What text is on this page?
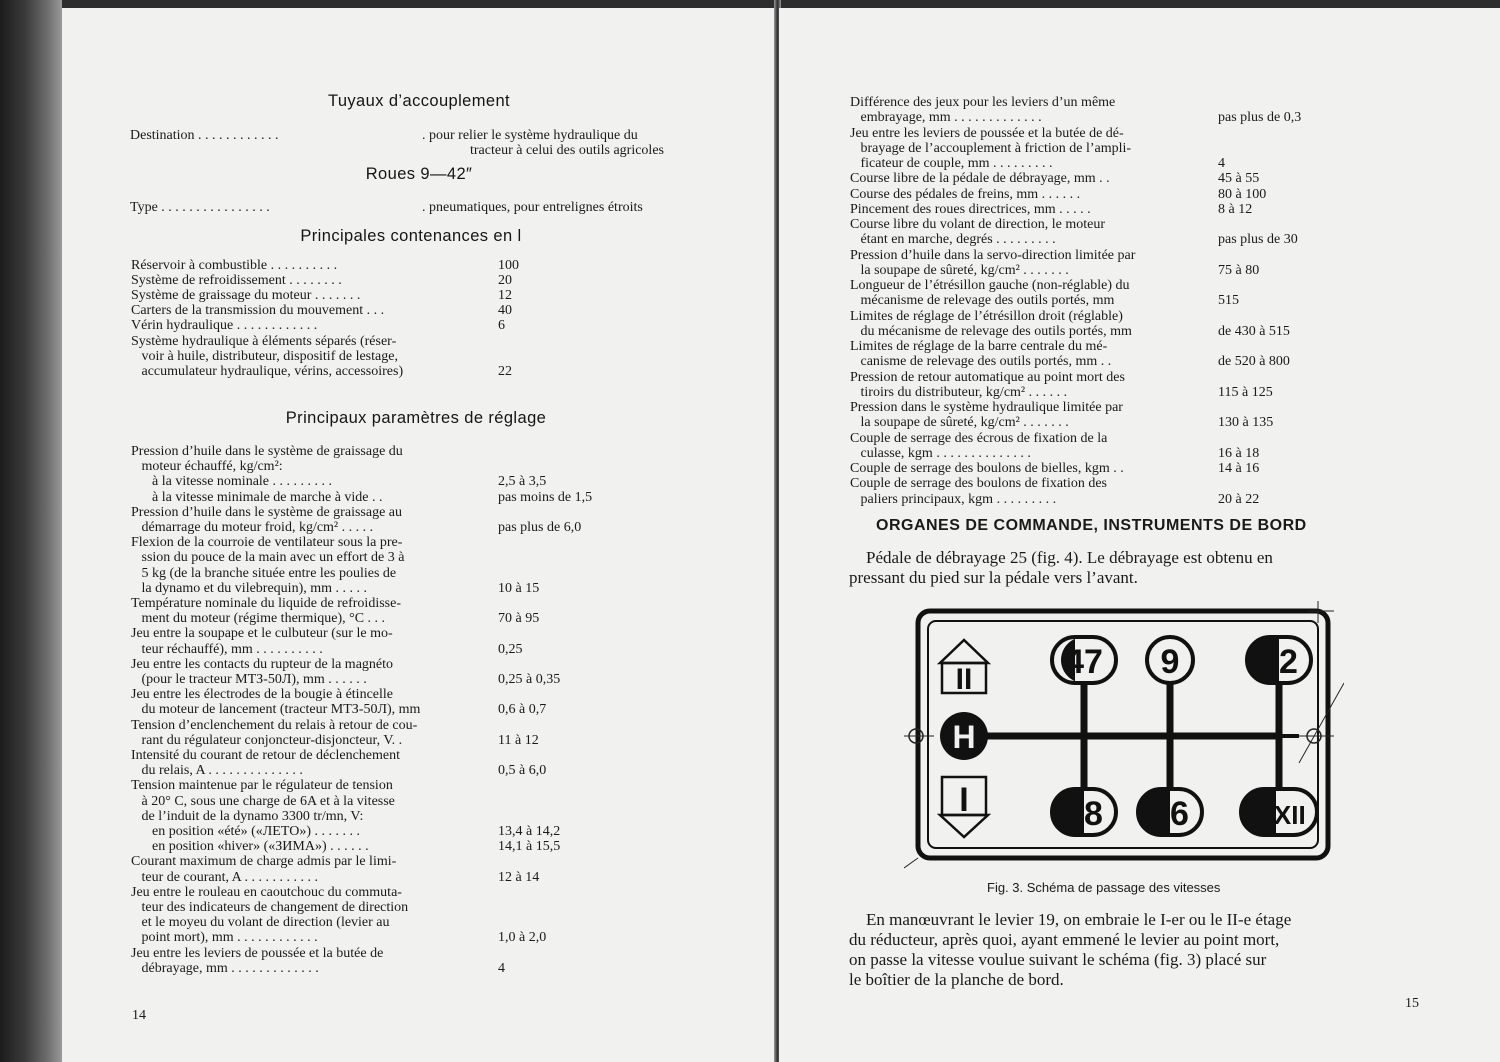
Tuyaux d’accouplement
Destination . . . . . . . . . . . .	. pour relier le système hydraulique du
tracteur à celui des outils agricoles
Roues 9—42″
Type . . . . . . . . . . . . . . . .	. pneumatiques, pour entrelignes étroits
Principales contenances en l
Réservoir à combustible . . . . . . . . . .	100
Système de refroidissement . . . . . . . .	20
Système de graissage du moteur . . . . . . .	12
Carters de la transmission du mouvement . . .	40
Vérin hydraulique . . . . . . . . . . . .	6
Système hydraulique à éléments séparés (réser-
voir à huile, distributeur, dispositif de lestage,
accumulateur hydraulique, vérins, accessoires)	22
Principaux paramètres de réglage
Pression d’huile dans le système de graissage du
moteur échauffé, kg/cm²:
à la vitesse nominale . . . . . . . . .	2,5 à 3,5
à la vitesse minimale de marche à vide . .	pas moins de 1,5
Pression d’huile dans le système de graissage au
démarrage du moteur froid, kg/cm² . . . . .	pas plus de 6,0
Flexion de la courroie de ventilateur sous la pre-
ssion du pouce de la main avec un effort de 3 à
5 kg (de la branche située entre les poulies de
la dynamo et du vilebrequin), mm . . . . .	10 à 15
Température nominale du liquide de refroidisse-
ment du moteur (régime thermique), °C . . .	70 à 95
Jeu entre la soupape et le culbuteur (sur le mo-
teur réchauffé), mm . . . . . . . . . .	0,25
Jeu entre les contacts du rupteur de la magnéto
(pour le tracteur МТЗ-50Л), mm . . . . . .	0,25 à 0,35
Jeu entre les électrodes de la bougie à étincelle
du moteur de lancement (tracteur МТЗ-50Л), mm	0,6 à 0,7
Tension d’enclenchement du relais à retour de cou-
rant du régulateur conjoncteur-disjoncteur, V. .	11 à 12
Intensité du courant de retour de déclenchement
du relais, A . . . . . . . . . . . . . .	0,5 à 6,0
Tension maintenue par le régulateur de tension
à 20° C, sous une charge de 6A et à la vitesse
de l’induit de la dynamo 3300 tr/mn, V:
en position «été» («ЛЕТО») . . . . . . .	13,4 à 14,2
en position «hiver» («ЗИМА») . . . . . .	14,1 à 15,5
Courant maximum de charge admis par le limi-
teur de courant, A . . . . . . . . . . .	12 à 14
Jeu entre le rouleau en caoutchouc du commuta-
teur des indicateurs de changement de direction
et le moyeu du volant de direction (levier au
point mort), mm . . . . . . . . . . . .	1,0 à 2,0
Jeu entre les leviers de poussée et la butée de
débrayage, mm . . . . . . . . . . . . .	4
14
Différence des jeux pour les leviers d’un même
embrayage, mm . . . . . . . . . . . . .	pas plus de 0,3
Jeu entre les leviers de poussée et la butée de dé-
brayage de l’accouplement à friction de l’ampli-
ficateur de couple, mm . . . . . . . . .	4
Course libre de la pédale de débrayage, mm . .	45 à 55
Course des pédales de freins, mm . . . . . .	80 à 100
Pincement des roues directrices, mm . . . . .	8 à 12
Course libre du volant de direction, le moteur
étant en marche, degrés . . . . . . . . .	pas plus de 30
Pression d’huile dans la servo-direction limitée par
la soupape de sûreté, kg/cm² . . . . . . .	75 à 80
Longueur de l’étrésillon gauche (non-réglable) du
mécanisme de relevage des outils portés, mm	515
Limites de réglage de l’étrésillon droit (réglable)
du mécanisme de relevage des outils portés, mm	de 430 à 515
Limites de réglage de la barre centrale du mé-
canisme de relevage des outils portés, mm . .	de 520 à 800
Pression de retour automatique au point mort des
tiroirs du distributeur, kg/cm² . . . . . .	115 à 125
Pression dans le système hydraulique limitée par
la soupape de sûreté, kg/cm² . . . . . . .	130 à 135
Couple de serrage des écrous de fixation de la
culasse, kgm . . . . . . . . . . . . . .	16 à 18
Couple de serrage des boulons de bielles, kgm . .	14 à 16
Couple de serrage des boulons de fixation des
paliers principaux, kgm . . . . . . . . .	20 à 22
ORGANES DE COMMANDE, INSTRUMENTS DE BORD
Pédale de débrayage 25 (fig. 4). Le débrayage est obtenu en
pressant du pied sur la pédale vers l’avant.
II
H
I
47 9 12
68 36 I3XII
Fig. 3. Schéma de passage des vitesses
En manœuvrant le levier 19, on embraie le I-er ou le II-e étage
du réducteur, après quoi, ayant emmené le levier au point mort,
on passe la vitesse voulue suivant le schéma (fig. 3) placé sur
le boîtier de la planche de bord.
15
